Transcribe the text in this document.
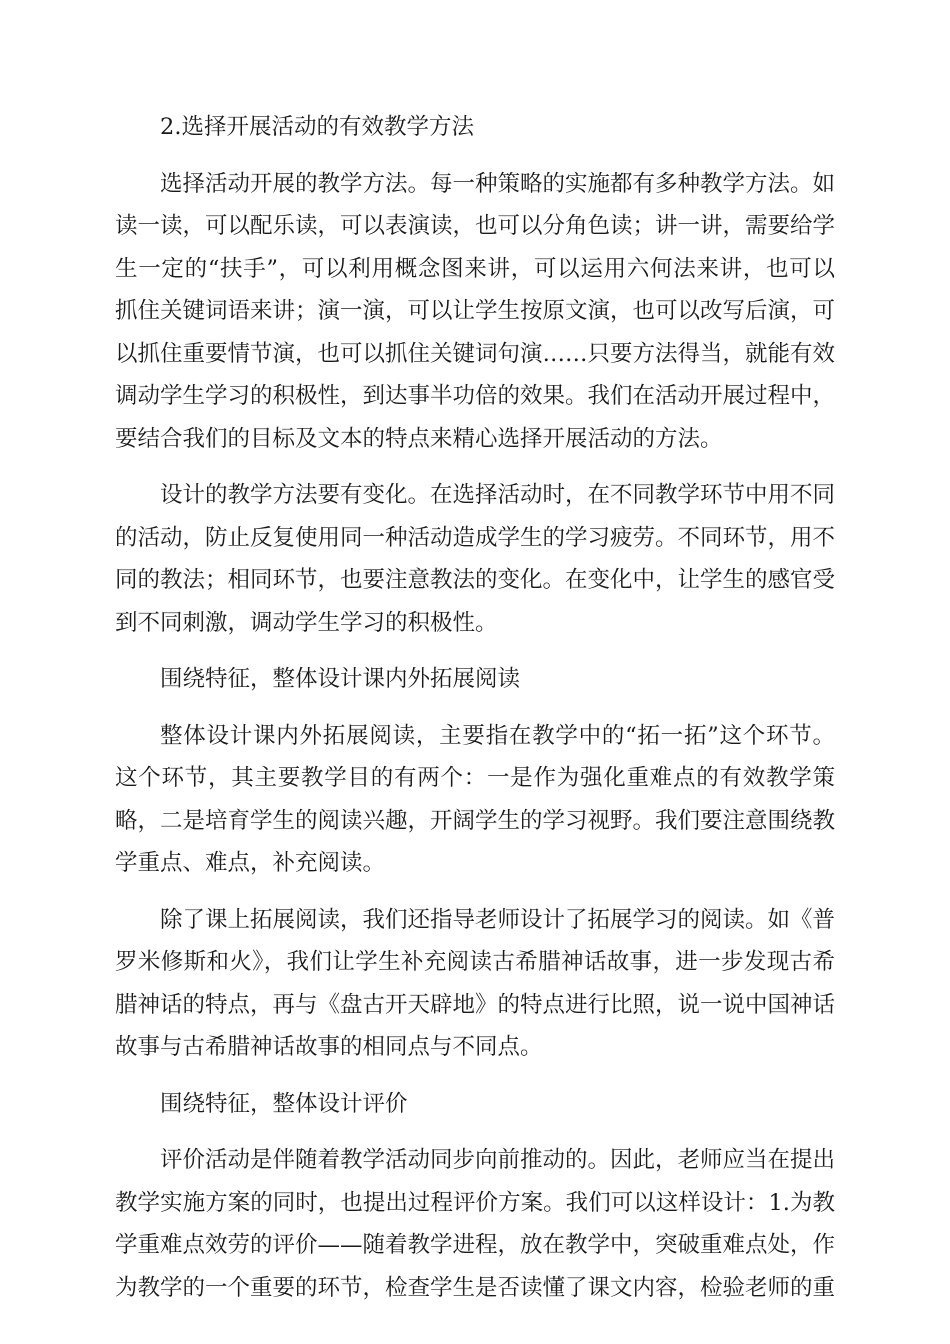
2.选择开展活动的有效教学方法

选择活动开展的教学方法。每一种策略的实施都有多种教学方法。如读一读，可以配乐读，可以表演读，也可以分角色读；讲一讲，需要给学生一定的“扶手”，可以利用概念图来讲，可以运用六何法来讲，也可以抓住关键词语来讲；演一演，可以让学生按原文演，也可以改写后演，可以抓住重要情节演，也可以抓住关键词句演……只要方法得当，就能有效调动学生学习的积极性，到达事半功倍的效果。我们在活动开展过程中，要结合我们的目标及文本的特点来精心选择开展活动的方法。

设计的教学方法要有变化。在选择活动时，在不同教学环节中用不同的活动，防止反复使用同一种活动造成学生的学习疲劳。不同环节，用不同的教法；相同环节，也要注意教法的变化。在变化中，让学生的感官受到不同刺激，调动学生学习的积极性。

围绕特征，整体设计课内外拓展阅读

整体设计课内外拓展阅读，主要指在教学中的“拓一拓”这个环节。这个环节，其主要教学目的有两个：一是作为强化重难点的有效教学策略，二是培育学生的阅读兴趣，开阔学生的学习视野。我们要注意围绕教学重点、难点，补充阅读。

除了课上拓展阅读，我们还指导老师设计了拓展学习的阅读。如《普罗米修斯和火》，我们让学生补充阅读古希腊神话故事，进一步发现古希腊神话的特点，再与《盘古开天辟地》的特点进行比照，说一说中国神话故事与古希腊神话故事的相同点与不同点。

围绕特征，整体设计评价

评价活动是伴随着教学活动同步向前推动的。因此，老师应当在提出教学实施方案的同时，也提出过程评价方案。我们可以这样设计：1.为教学重难点效劳的评价——随着教学进程，放在教学中，突破重难点处，作为教学的一个重要的环节，检查学生是否读懂了课文内容，检验老师的重
